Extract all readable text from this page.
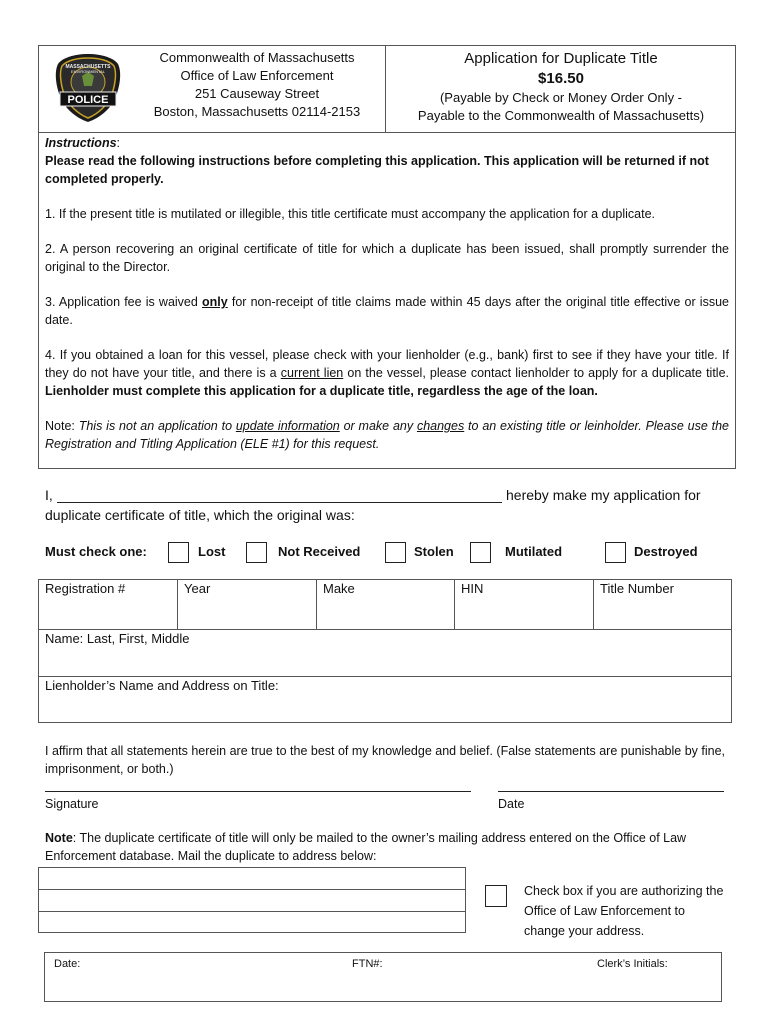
POLICE
MASSACHUSETTS
ENVIRONMENTAL
Commonwealth of Massachusetts
Office of Law Enforcement
251 Causeway Street
Boston, Massachusetts 02114-2153
Application for Duplicate Title
$16.50
(Payable by Check or Money Order Only -
Payable to the Commonwealth of Massachusetts)
Instructions:
Please read the following instructions before completing this application. This application will be returned if not completed properly.
1. If the present title is mutilated or illegible, this title certificate must accompany the application for a duplicate.
2. A person recovering an original certificate of title for which a duplicate has been issued, shall promptly surrender the original to the Director.
3. Application fee is waived only for non-receipt of title claims made within 45 days after the original title effective or issue date.
4. If you obtained a loan for this vessel, please check with your lienholder (e.g., bank) first to see if they have your title. If they do not have your title, and there is a current lien on the vessel, please contact lienholder to apply for a duplicate title. Lienholder must complete this application for a duplicate title, regardless the age of the loan.
Note: This is not an application to update information or make any changes to an existing title or leinholder. Please use the Registration and Titling Application (ELE #1) for this request.
I,	hereby make my application for
duplicate certificate of title, which the original was:
Must check one:	Lost	Not Received	Stolen	Mutilated	Destroyed
Registration #	Year	Make	HIN	Title Number
Name: Last, First, Middle
Lienholder’s Name and Address on Title:
I affirm that all statements herein are true to the best of my knowledge and belief. (False statements are punishable by fine, imprisonment, or both.)
Signature	Date
Note: The duplicate certificate of title will only be mailed to the owner’s mailing address entered on the Office of Law Enforcement database. Mail the duplicate to address below:
Check box if you are authorizing the
Office of Law Enforcement to
change your address.
Date:	FTN#:	Clerk’s Initials:
